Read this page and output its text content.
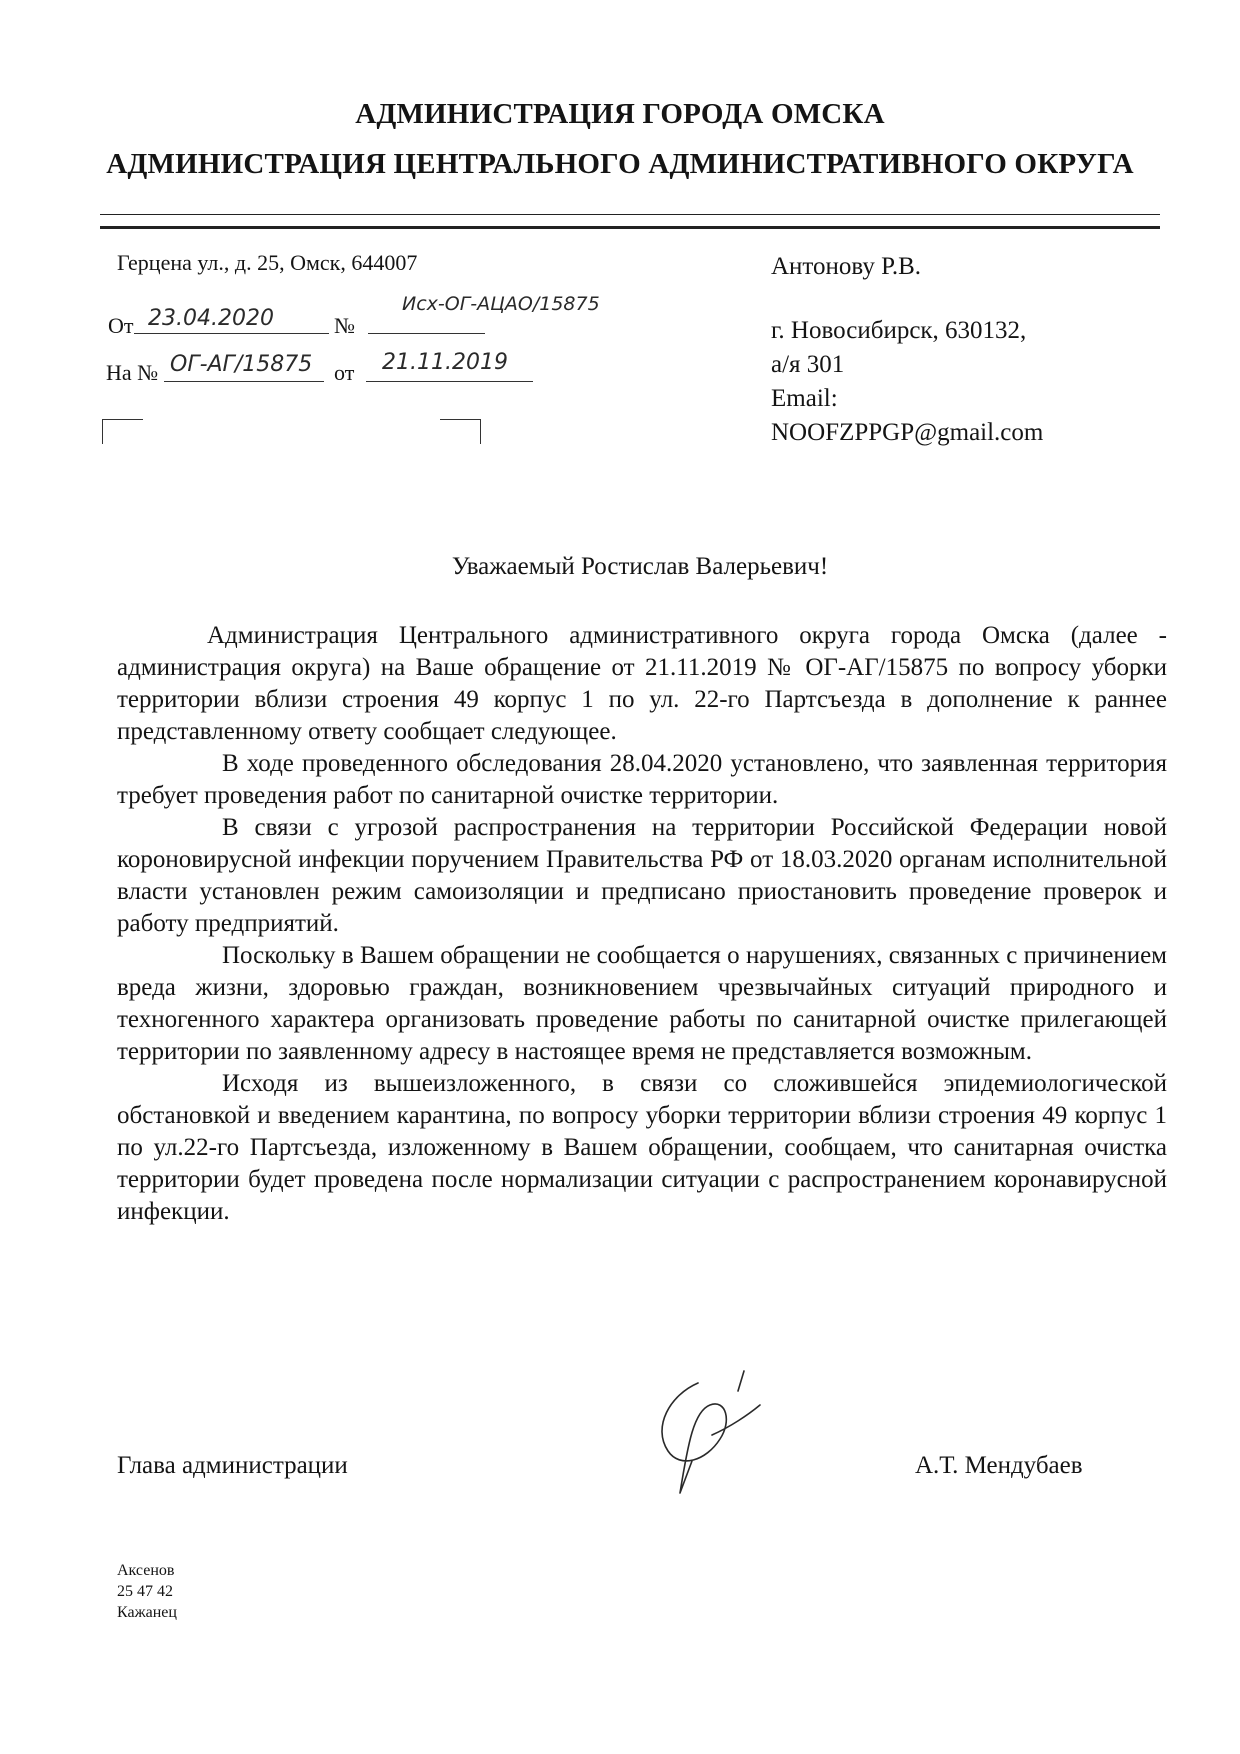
АДМИНИСТРАЦИЯ ГОРОДА ОМСКА
АДМИНИСТРАЦИЯ ЦЕНТРАЛЬНОГО АДМИНИСТРАТИВНОГО ОКРУГА
Герцена ул., д. 25, Омск, 644007
От 23.04.2020	№
Исх-ОГ-АЦАО/15875
На № ОГ-АГ/15875 от 21.11.2019
Антонову Р.В.
г. Новосибирск, 630132,
а/я 301
Email:
NOOFZPPGP@gmail.com
Уважаемый Ростислав Валерьевич!

Администрация Центрального административного округа города Омска (далее - администрация округа) на Ваше обращение от 21.11.2019 № ОГ-АГ/15875 по вопросу уборки территории вблизи строения 49 корпус 1 по ул. 22-го Партсъезда в дополнение к раннее представленному ответу сообщает следующее.

В ходе проведенного обследования 28.04.2020 установлено, что заявленная территория требует проведения работ по санитарной очистке территории.

В связи с угрозой распространения на территории Российской Федерации новой короновирусной инфекции поручением Правительства РФ от 18.03.2020 органам исполнительной власти установлен режим самоизоляции и предписано приостановить проведение проверок и работу предприятий.

Поскольку в Вашем обращении не сообщается о нарушениях, связанных с причинением вреда жизни, здоровью граждан, возникновением чрезвычайных ситуаций природного и техногенного характера организовать проведение работы по санитарной очистке прилегающей территории по заявленному адресу в настоящее время не представляется возможным.

Исходя из вышеизложенного, в связи со сложившейся эпидемиологической обстановкой и введением карантина, по вопросу уборки территории вблизи строения 49 корпус 1 по ул.22-го Партсъезда, изложенному в Вашем обращении, сообщаем, что санитарная очистка территории будет проведена после нормализации ситуации с распространением коронавирусной инфекции.

Глава администрации	А.Т. Мендубаев
Аксенов
25 47 42
Кажанец
